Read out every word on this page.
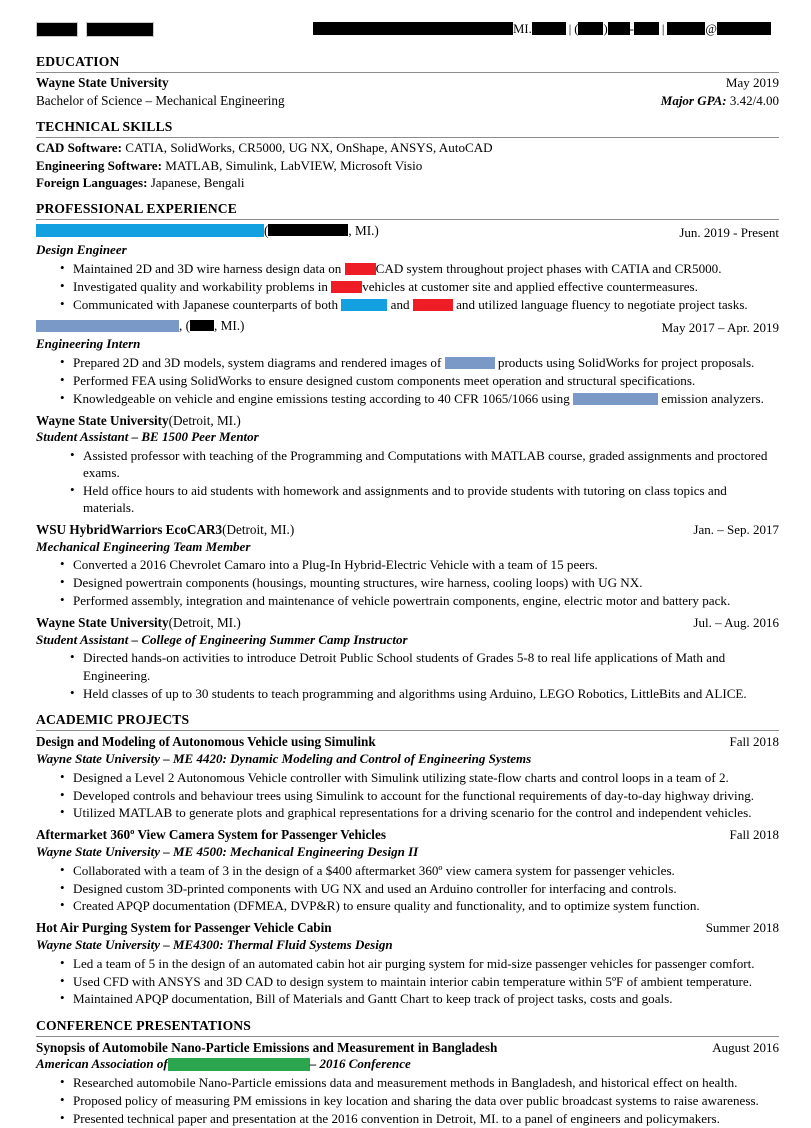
MI.	| ( ) - |	@
EDUCATION
Wayne State University	May 2019
Bachelor of Science – Mechanical Engineering	Major GPA: 3.42/4.00
TECHNICAL SKILLS
CAD Software: CATIA, SolidWorks, CR5000, UG NX, OnShape, ANSYS, AutoCAD
Engineering Software: MATLAB, Simulink, LabVIEW, Microsoft Visio
Foreign Languages: Japanese, Bengali
PROFESSIONAL EXPERIENCE
(	, MI.)	Jun. 2019 - Present
Design Engineer
• Maintained 2D and 3D wire harness design data on CAD system throughout project phases with CATIA and CR5000.
• Investigated quality and workability problems in vehicles at customer site and applied effective countermeasures.
• Communicated with Japanese counterparts of both	and	and utilized language fluency to negotiate project tasks.
, ( , MI.)	May 2017 – Apr. 2019
Engineering Intern
• Prepared 2D and 3D models, system diagrams and rendered images of	products using SolidWorks for project proposals.
• Performed FEA using SolidWorks to ensure designed custom components meet operation and structural specifications.
• Knowledgeable on vehicle and engine emissions testing according to 40 CFR 1065/1066 using	emission analyzers.
Wayne State University (Detroit, MI.)
Student Assistant – BE 1500 Peer Mentor
• Assisted professor with teaching of the Programming and Computations with MATLAB course, graded assignments and proctored exams.
• Held office hours to aid students with homework and assignments and to provide students with tutoring on class topics and materials.
WSU HybridWarriors EcoCAR3 (Detroit, MI.)	Jan. – Sep. 2017
Mechanical Engineering Team Member
• Converted a 2016 Chevrolet Camaro into a Plug-In Hybrid-Electric Vehicle with a team of 15 peers.
• Designed powertrain components (housings, mounting structures, wire harness, cooling loops) with UG NX.
• Performed assembly, integration and maintenance of vehicle powertrain components, engine, electric motor and battery pack.
Wayne State University (Detroit, MI.)	Jul. – Aug. 2016
Student Assistant – College of Engineering Summer Camp Instructor
• Directed hands-on activities to introduce Detroit Public School students of Grades 5-8 to real life applications of Math and Engineering.
• Held classes of up to 30 students to teach programming and algorithms using Arduino, LEGO Robotics, LittleBits and ALICE.
ACADEMIC PROJECTS
Design and Modeling of Autonomous Vehicle using Simulink	Fall 2018
Wayne State University – ME 4420: Dynamic Modeling and Control of Engineering Systems
• Designed a Level 2 Autonomous Vehicle controller with Simulink utilizing state-flow charts and control loops in a team of 2.
• Developed controls and behaviour trees using Simulink to account for the functional requirements of day-to-day highway driving.
• Utilized MATLAB to generate plots and graphical representations for a driving scenario for the control and independent vehicles.
Aftermarket 360º View Camera System for Passenger Vehicles	Fall 2018
Wayne State University – ME 4500: Mechanical Engineering Design II
• Collaborated with a team of 3 in the design of a $400 aftermarket 360º view camera system for passenger vehicles.
• Designed custom 3D-printed components with UG NX and used an Arduino controller for interfacing and controls.
• Created APQP documentation (DFMEA, DVP&R) to ensure quality and functionality, and to optimize system function.
Hot Air Purging System for Passenger Vehicle Cabin	Summer 2018
Wayne State University – ME4300: Thermal Fluid Systems Design
• Led a team of 5 in the design of an automated cabin hot air purging system for mid-size passenger vehicles for passenger comfort.
• Used CFD with ANSYS and 3D CAD to design system to maintain interior cabin temperature within 5ºF of ambient temperature.
• Maintained APQP documentation, Bill of Materials and Gantt Chart to keep track of project tasks, costs and goals.
CONFERENCE PRESENTATIONS
Synopsis of Automobile Nano-Particle Emissions and Measurement in Bangladesh	August 2016
American Association of	– 2016 Conference
• Researched automobile Nano-Particle emissions data and measurement methods in Bangladesh, and historical effect on health.
• Proposed policy of measuring PM emissions in key location and sharing the data over public broadcast systems to raise awareness.
• Presented technical paper and presentation at the 2016 convention in Detroit, MI. to a panel of engineers and policymakers.
